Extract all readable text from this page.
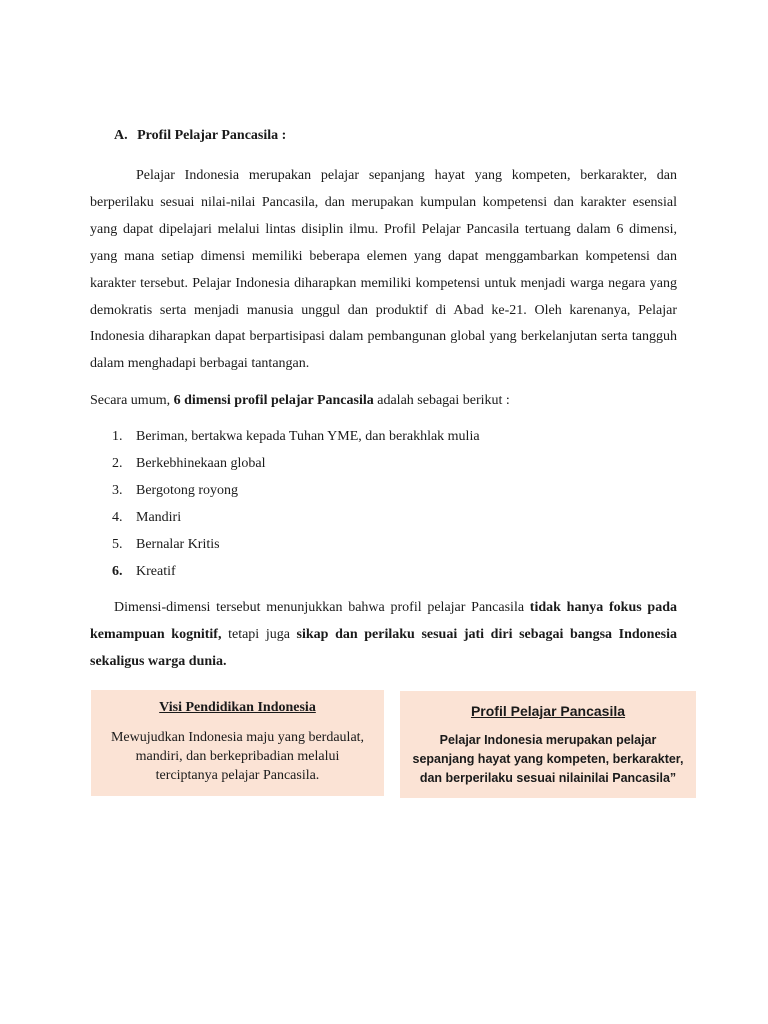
A. Profil Pelajar Pancasila :

Pelajar Indonesia merupakan pelajar sepanjang hayat yang kompeten, berkarakter, dan berperilaku sesuai nilai-nilai Pancasila, dan merupakan kumpulan kompetensi dan karakter esensial yang dapat dipelajari melalui lintas disiplin ilmu. Profil Pelajar Pancasila tertuang dalam 6 dimensi, yang mana setiap dimensi memiliki beberapa elemen yang dapat menggambarkan kompetensi dan karakter tersebut. Pelajar Indonesia diharapkan memiliki kompetensi untuk menjadi warga negara yang demokratis serta menjadi manusia unggul dan produktif di Abad ke-21. Oleh karenanya, Pelajar Indonesia diharapkan dapat berpartisipasi dalam pembangunan global yang berkelanjutan serta tangguh dalam menghadapi berbagai tantangan.

Secara umum, 6 dimensi profil pelajar Pancasila adalah sebagai berikut :

1. Beriman, bertakwa kepada Tuhan YME, dan berakhlak mulia
2. Berkebhinekaan global
3. Bergotong royong
4. Mandiri
5. Bernalar Kritis
6. Kreatif

Dimensi-dimensi tersebut menunjukkan bahwa profil pelajar Pancasila tidak hanya fokus pada kemampuan kognitif, tetapi juga sikap dan perilaku sesuai jati diri sebagai bangsa Indonesia sekaligus warga dunia.

Visi Pendidikan Indonesia
Mewujudkan Indonesia maju yang berdaulat, mandiri, dan berkepribadian melalui terciptanya pelajar Pancasila.
Profil Pelajar Pancasila
Pelajar Indonesia merupakan pelajar sepanjang hayat yang kompeten, berkarakter, dan berperilaku sesuai nilainilai Pancasila”
